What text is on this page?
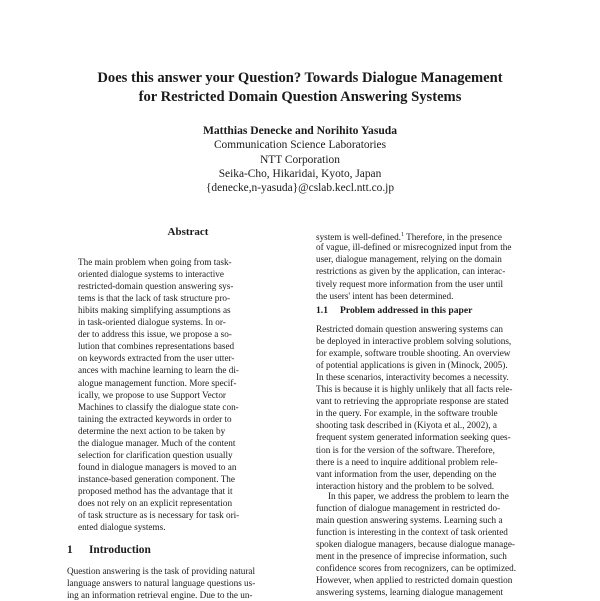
Does this answer your Question? Towards Dialogue Management
for Restricted Domain Question Answering Systems
Matthias Denecke and Norihito Yasuda
Communication Science Laboratories
NTT Corporation
Seika-Cho, Hikaridai, Kyoto, Japan
{denecke,n-yasuda}@cslab.kecl.ntt.co.jp
Abstract
The main problem when going from task-
oriented dialogue systems to interactive
restricted-domain question answering sys-
tems is that the lack of task structure pro-
hibits making simplifying assumptions as
in task-oriented dialogue systems. In or-
der to address this issue, we propose a so-
lution that combines representations based
on keywords extracted from the user utter-
ances with machine learning to learn the di-
alogue management function. More specif-
ically, we propose to use Support Vector
Machines to classify the dialogue state con-
taining the extracted keywords in order to
determine the next action to be taken by
the dialogue manager. Much of the content
selection for clarification question usually
found in dialogue managers is moved to an
instance-based generation component. The
proposed method has the advantage that it
does not rely on an explicit representation
of task structure as is necessary for task ori-
ented dialogue systems.
1 Introduction
Question answering is the task of providing natural
language answers to natural language questions us-
ing an information retrieval engine. Due to the un-
system is well-defined.$^1$ Therefore, in the presence
of vague, ill-defined or misrecognized input from the
user, dialogue management, relying on the domain
restrictions as given by the application, can interac-
tively request more information from the user until
the users' intent has been determined.
1.1 Problem addressed in this paper
Restricted domain question answering systems can
be deployed in interactive problem solving solutions,
for example, software trouble shooting. An overview
of potential applications is given in (Minock, 2005).
In these scenarios, interactivity becomes a necessity.
This is because it is highly unlikely that all facts rele-
vant to retrieving the appropriate response are stated
in the query. For example, in the software trouble
shooting task described in (Kiyota et al., 2002), a
frequent system generated information seeking ques-
tion is for the version of the software. Therefore,
there is a need to inquire additional problem rele-
vant information from the user, depending on the
interaction history and the problem to be solved.
In this paper, we address the problem to learn the
function of dialogue management in restricted do-
main question answering systems. Learning such a
function is interesting in the context of task oriented
spoken dialogue managers, because dialogue manage-
ment in the presence of imprecise information, such
confidence scores from recognizers, can be optimized.
However, when applied to restricted domain question
answering systems, learning dialogue management
